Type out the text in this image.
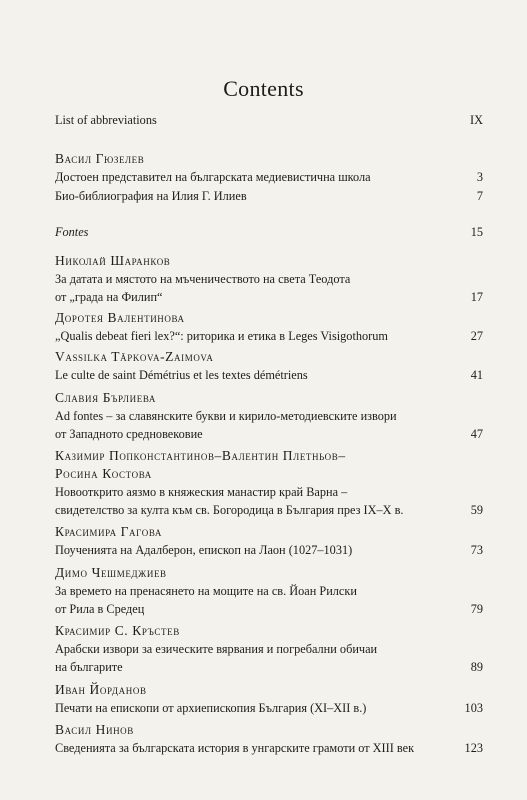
Contents
List of abbreviations	IX
Васил Гюзелев
Достоен представител на българската медиевистична школа	3
Био-библиография на Илия Г. Илиев	7
Fontes	15
Николай Шаранков
За датата и мястото на мъченичеството на света Теодота
от „града на Филип“	17
Доротея Валентинова
„Qualis debeat fieri lex?“: риторика и етика в Leges Visigothorum	27
Vassilka Tăpkova-Zaimova
Le culte de saint Démétrius et les textes démétriens	41
Славия Бърлиева
Ad fontes – за славянските букви и кирило-методиевските извори
от Западното средновековие	47
Казимир Попконстантинов–Валентин Плетньов–
Росина Костова
Новооткрито аязмо в княжеския манастир край Варна –
свидетелство за култа към св. Богородица в България през IX–X в.	59
Красимира Гагова
Поученията на Адалберон, епископ на Лаон (1027–1031)	73
Димо Чешмеджиев
За времето на пренасянето на мощите на св. Йоан Рилски
от Рила в Средец	79
Красимир С. Кръстев
Арабски извори за езическите вярвания и погребални обичаи
на българите	89
Иван Йорданов
Печати на епископи от архиепископия България (XI–XII в.)	103
Васил Нинов
Сведенията за българската история в унгарските грамоти от XIII век	123
